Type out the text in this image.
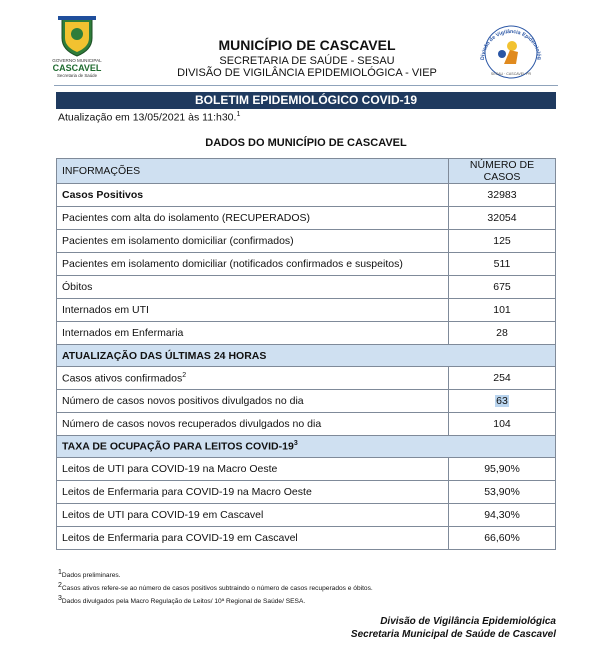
GOVERNO MUNICIPAL
CASCAVEL
Secretaria de Saúde
MUNICÍPIO DE CASCAVEL
SECRETARIA DE SAÚDE - SESAU
DIVISÃO DE VIGILÂNCIA EPIDEMIOLÓGICA - VIEP
Divisão de Vigilância Epidemiológ
SESAU · CASCAVEL PR
BOLETIM EPIDEMIOLÓGICO COVID-19
Atualização em 13/05/2021 às 11:h30.$^1$
DADOS DO MUNICÍPIO DE CASCAVEL
INFORMAÇÕES	NÚMERO DE CASOS
Casos Positivos	32983
Pacientes com alta do isolamento (RECUPERADOS)	32054
Pacientes em isolamento domiciliar (confirmados)	125
Pacientes em isolamento domiciliar (notificados confirmados e suspeitos)	511
Óbitos	675
Internados em UTI	101
Internados em Enfermaria	28
ATUALIZAÇÃO DAS ÚLTIMAS 24 HORAS	
Casos ativos confirmados$^2$	254
Número de casos novos positivos divulgados no dia	63
Número de casos novos recuperados divulgados no dia	104
TAXA DE OCUPAÇÃO PARA LEITOS COVID-$19^3$
Leitos de UTI para COVID-19 na Macro Oeste	95,90%
Leitos de Enfermaria para COVID-19 na Macro Oeste	53,90%
Leitos de UTI para COVID-19 em Cascavel	94,30%
Leitos de Enfermaria para COVID-19 em Cascavel	66,60%
$^1$Dados preliminares.
$^2$Casos ativos refere-se ao número de casos positivos subtraindo o número de casos recuperados e óbitos.
$^3$Dados divulgados pela Macro Regulação de Leitos/ 10ª Regional de Saúde/ SESA.
Divisão de Vigilância Epidemiológica
Secretaria Municipal de Saúde de Cascavel
